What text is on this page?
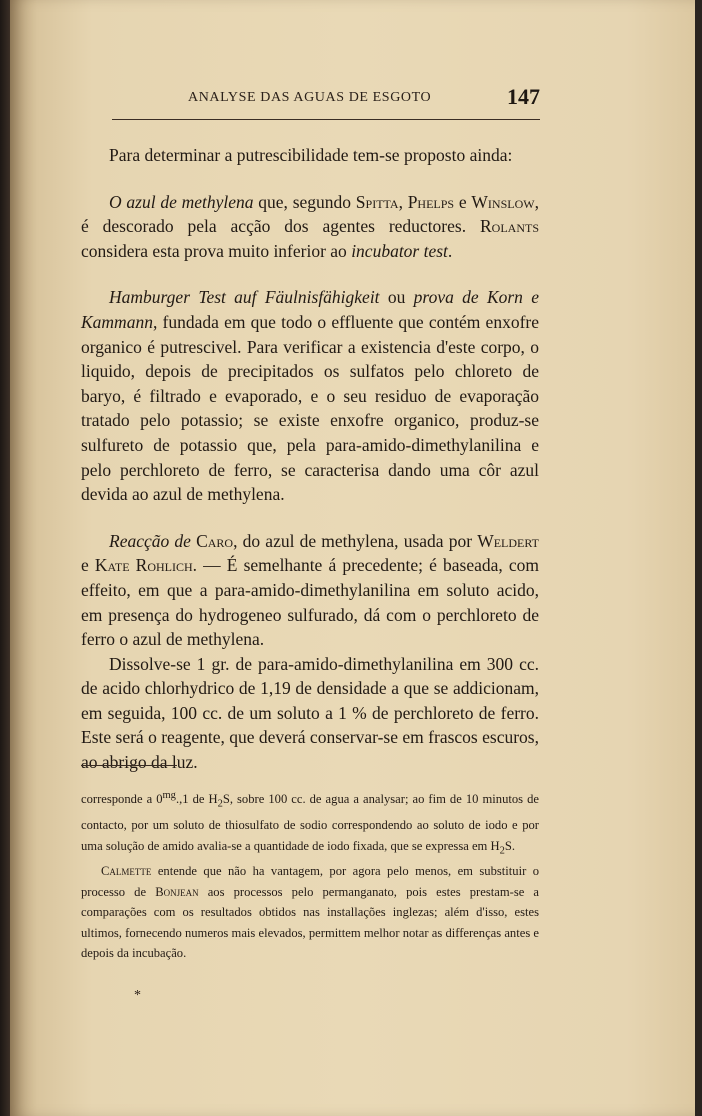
ANALYSE DAS AGUAS DE ESGOTO	147

Para determinar a putrescibilidade tem-se proposto ainda:

O azul de methylena que, segundo Spitta, Phelps e Winslow, é descorado pela acção dos agentes reductores. Rolants considera esta prova muito inferior ao incubator test.

Hamburger Test auf Fäulnisfähigkeit ou prova de Korn e Kammann, fundada em que todo o effluente que contém enxofre organico é putrescivel. Para verificar a existencia d'este corpo, o liquido, depois de precipitados os sulfatos pelo chloreto de baryo, é filtrado e evaporado, e o seu residuo de evaporação tratado pelo potassio; se existe enxofre organico, produz-se sulfureto de potassio que, pela para-amido-dimethylanilina e pelo perchloreto de ferro, se caracterisa dando uma côr azul devida ao azul de methylena.

Reacção de Caro, do azul de methylena, usada por Weldert e Kate Rohlich. — É semelhante á precedente; é baseada, com effeito, em que a para-amido-dimethylanilina em soluto acido, em presença do hydrogeneo sulfurado, dá com o perchloreto de ferro o azul de methylena.

Dissolve-se 1 gr. de para-amido-dimethylanilina em 300 cc. de acido chlorhydrico de 1,19 de densidade a que se addicionam, em seguida, 100 cc. de um soluto a 1 % de perchloreto de ferro. Este será o reagente, que deverá conservar-se em frascos escuros, ao abrigo da luz.

corresponde a $0^{mg}.,1$ de $H_2S$, sobre 100 cc. de agua a analysar; ao fim de 10 minutos de contacto, por um soluto de thiosulfato de sodio correspondendo ao soluto de iodo e por uma solução de amido avalia-se a quantidade de iodo fixada, que se expressa em $H_2S$.

Calmette entende que não ha vantagem, por agora pelo menos, em substituir o processo de Bonjean aos processos pelo permanganato, pois estes prestam-se a comparações com os resultados obtidos nas installações inglezas; além d'isso, estes ultimos, fornecendo numeros mais elevados, permittem melhor notar as differenças antes e depois da incubação.

*
